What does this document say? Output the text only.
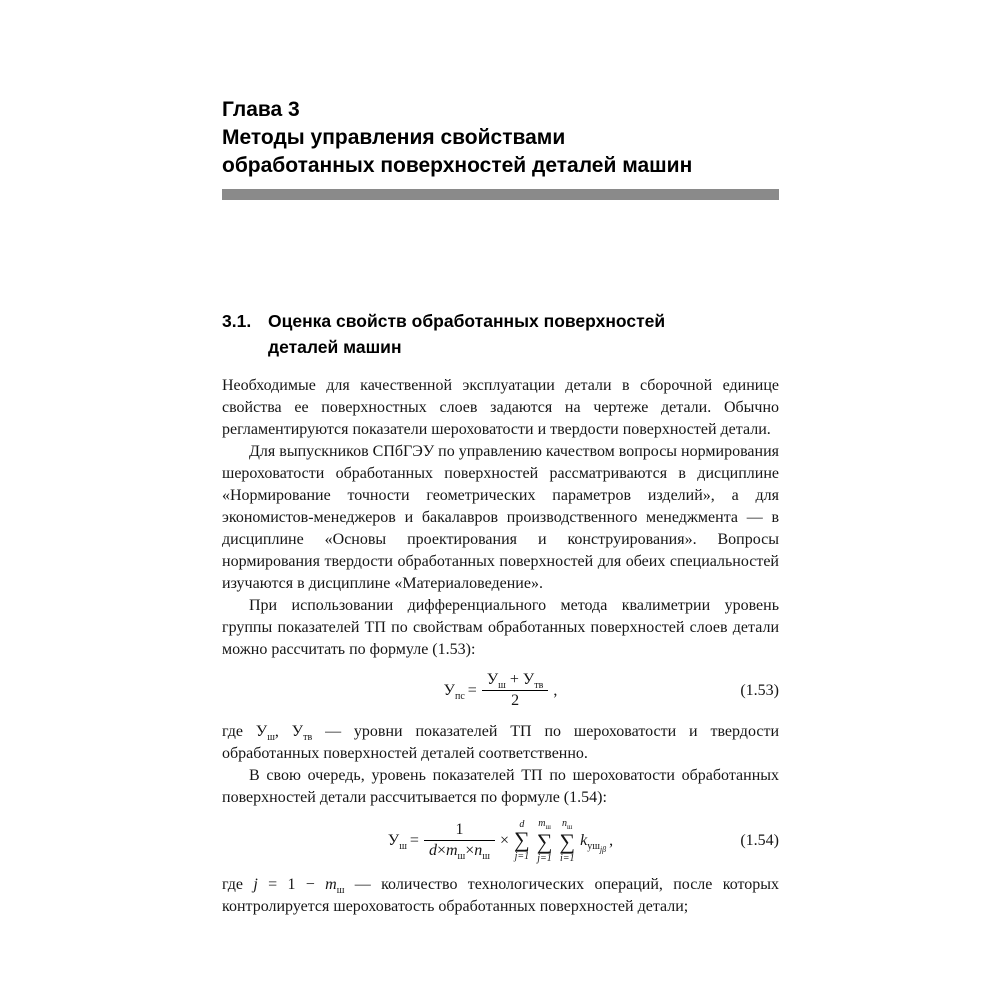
Глава 3
Методы управления свойствами
обработанных поверхностей деталей машин
3.1. Оценка свойств обработанных поверхностей
деталей машин

Необходимые для качественной эксплуатации детали в сборочной единице свойства ее поверхностных слоев задаются на чертеже детали. Обычно регламентируются показатели шероховатости и твердости поверхностей детали.

Для выпускников СПбГЭУ по управлению качеством вопросы нормирования шероховатости обработанных поверхностей рассматриваются в дисциплине «Нормирование точности геометрических параметров изделий», а для экономистов-менеджеров и бакалавров производственного менеджмента — в дисциплине «Основы проектирования и конструирования». Вопросы нормирования твердости обработанных поверхностей для обеих специальностей изучаются в дисциплине «Материаловедение».

При использовании дифференциального метода квалиметрии уровень группы показателей ТП по свойствам обработанных поверхностей слоев детали можно рассчитать по формуле (1.53):

$У_{пс} = \frac{У_ш + У_{тв}}{2}$ ,	(1.53)

где $У_ш$, $У_{тв}$ — уровни показателей ТП по шероховатости и твердости обработанных поверхностей деталей соответственно.

В свою очередь, уровень показателей ТП по шероховатости обработанных поверхностей детали рассчитывается по формуле (1.54):

$У_ш = \frac{1}{d\times m_ш\times n_ш}$ ×
d
∑
j=1
$m_ш$
∑
j=1
$n_ш$
∑
i=1
$k_{уш_{j\beta}}$
,	(1.54)

где $j = 1 - m_ш$ — количество технологических операций, после которых контролируется шероховатость обработанных поверхностей детали;
